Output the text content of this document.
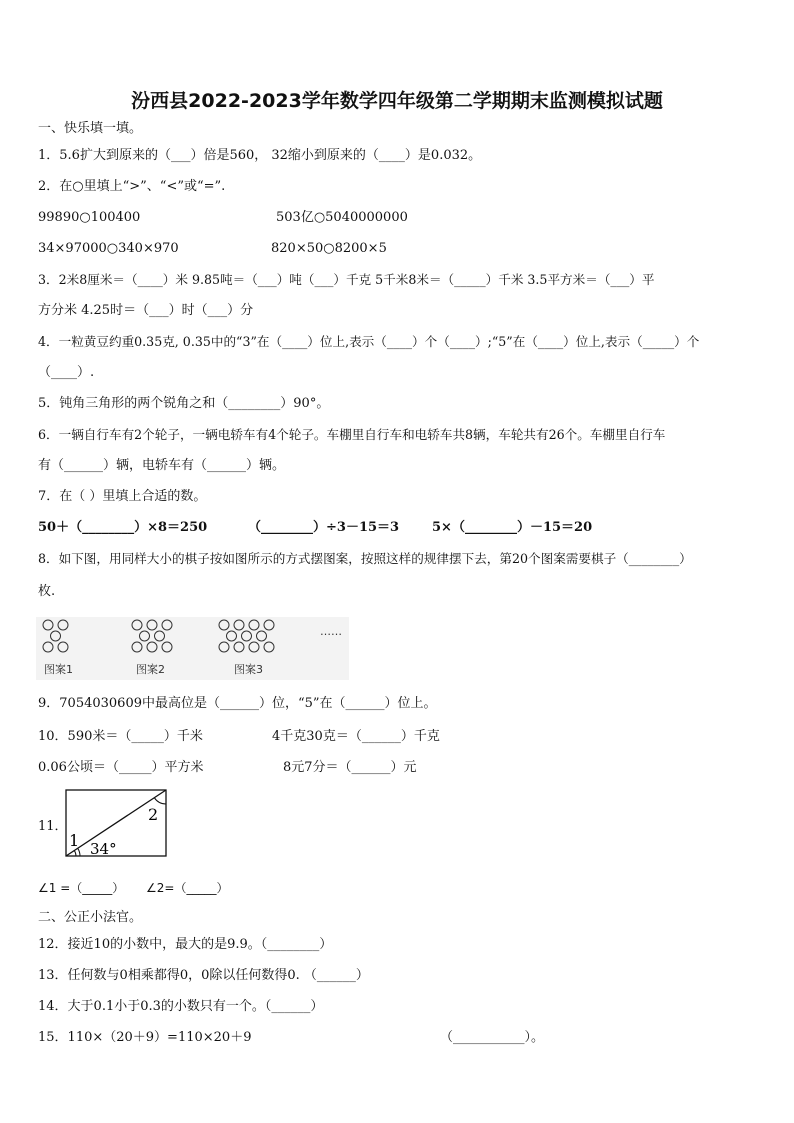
汾西县2022-2023学年数学四年级第二学期期末监测模拟试题
一、快乐填一填。
1．5.6扩大到原来的（___）倍是560， 32缩小到原来的（____）是0.032。
2．在○里填上“>”、“<”或“=”.
99890○100400	503亿○5040000000
34×97000○340×970	820×50○8200×5
3．2米8厘米＝（____）米 9.85吨＝（___）吨（___）千克 5千米8米＝（_____）千米 3.5平方米＝（___）平
方分米 4.25时＝（___）时（___）分
4．一粒黄豆约重0.35克, 0.35中的“3”在（____）位上,表示（____）个（____）;“5”在（____）位上,表示（_____）个
（____）.
5．钝角三角形的两个锐角之和（________）90°。
6．一辆自行车有2个轮子，一辆电轿车有4个轮子。车棚里自行车和电轿车共8辆，车轮共有26个。车棚里自行车
有（______）辆，电轿车有（______）辆。
7．在（ ）里填上合适的数。
50＋（________）×8＝250	（________）÷3－15＝3	5×（________）－15＝20
8．如下图，用同样大小的棋子按如图所示的方式摆图案，按照这样的规律摆下去，第20个图案需要棋子（________）
枚.
图案1	图案2	图案3
……
9．7054030609中最高位是（______）位，“5”在（______）位上。
10．590米＝（_____）千米	4千克30克＝（______）千克
0.06公顷＝（_____）平方米	8元7分＝（______）元
11．
1
2
34°
∠1 =（_____） ∠2=（_____）
二、公正小法官。
12．接近10的小数中，最大的是9.9。（________）
13．任何数与0相乘都得0，0除以任何数得0. （______）
14．大于0.1小于0.3的小数只有一个。（______）
15．110×（20＋9）=110×20＋9	（___________）。
